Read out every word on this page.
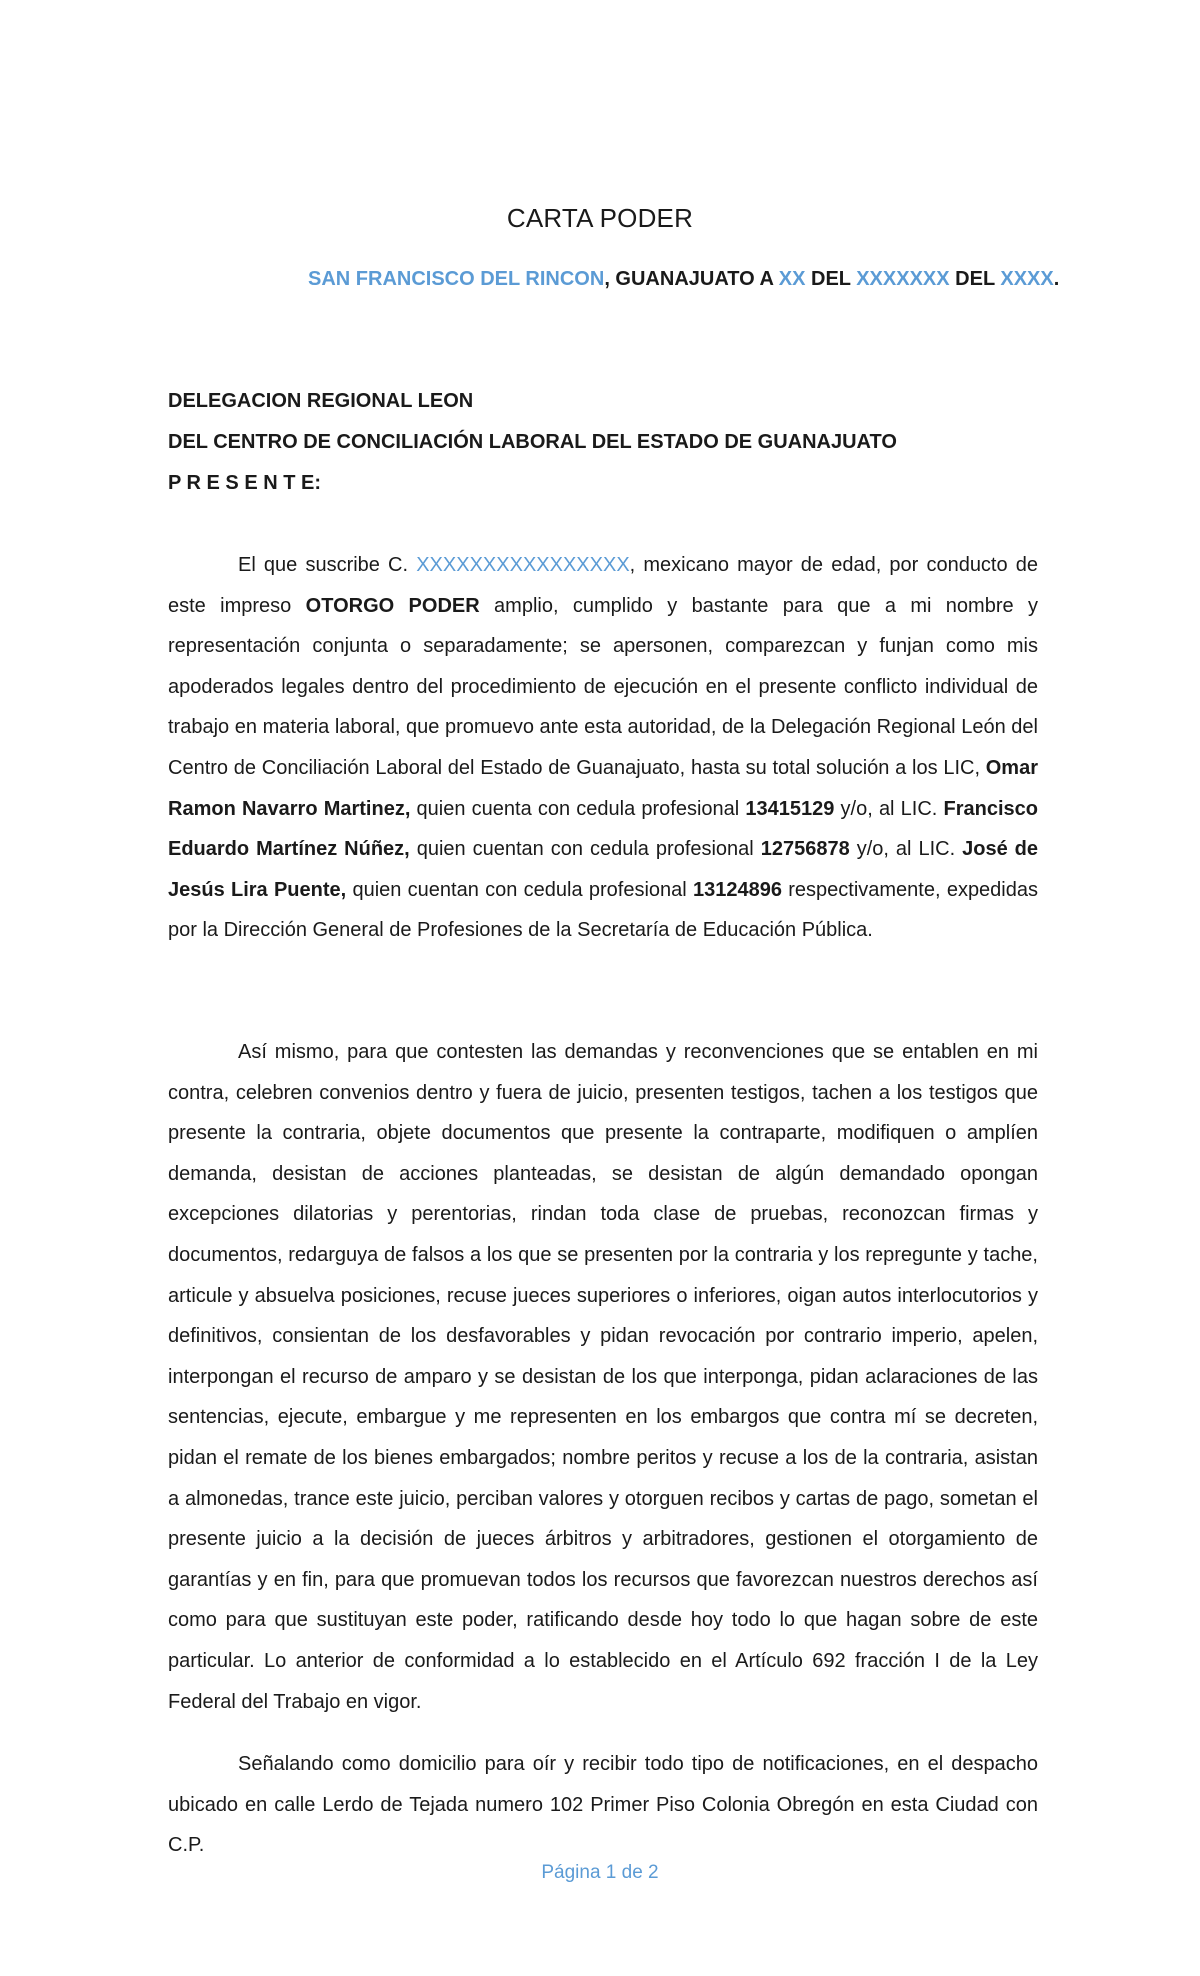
CARTA PODER
SAN FRANCISCO DEL RINCON, GUANAJUATO A XX DEL XXXXXXX DEL XXXX.
DELEGACION REGIONAL LEON
DEL CENTRO DE CONCILIACIÓN LABORAL DEL ESTADO DE GUANAJUATO
P R E S E N T E:
El que suscribe C. XXXXXXXXXXXXXXXX, mexicano mayor de edad, por conducto de este impreso OTORGO PODER amplio, cumplido y bastante para que a mi nombre y representación conjunta o separadamente; se apersonen, comparezcan y funjan como mis apoderados legales dentro del procedimiento de ejecución en el presente conflicto individual de trabajo en materia laboral, que promuevo ante esta autoridad, de la Delegación Regional León del Centro de Conciliación Laboral del Estado de Guanajuato, hasta su total solución a los LIC, Omar Ramon Navarro Martinez, quien cuenta con cedula profesional 13415129 y/o, al LIC. Francisco Eduardo Martínez Núñez, quien cuentan con cedula profesional 12756878 y/o, al LIC. José de Jesús Lira Puente, quien cuentan con cedula profesional 13124896 respectivamente, expedidas por la Dirección General de Profesiones de la Secretaría de Educación Pública.
Así mismo, para que contesten las demandas y reconvenciones que se entablen en mi contra, celebren convenios dentro y fuera de juicio, presenten testigos, tachen a los testigos que presente la contraria, objete documentos que presente la contraparte, modifiquen o amplíen demanda, desistan de acciones planteadas, se desistan de algún demandado opongan excepciones dilatorias y perentorias, rindan toda clase de pruebas, reconozcan firmas y documentos, redarguya de falsos a los que se presenten por la contraria y los repregunte y tache, articule y absuelva posiciones, recuse jueces superiores o inferiores, oigan autos interlocutorios y definitivos, consientan de los desfavorables y pidan revocación por contrario imperio, apelen, interpongan el recurso de amparo y se desistan de los que interponga, pidan aclaraciones de las sentencias, ejecute, embargue y me representen en los embargos que contra mí se decreten, pidan el remate de los bienes embargados; nombre peritos y recuse a los de la contraria, asistan a almonedas, trance este juicio, perciban valores y otorguen recibos y cartas de pago, sometan el presente juicio a la decisión de jueces árbitros y arbitradores, gestionen el otorgamiento de garantías y en fin, para que promuevan todos los recursos que favorezcan nuestros derechos así como para que sustituyan este poder, ratificando desde hoy todo lo que hagan sobre de este particular. Lo anterior de conformidad a lo establecido en el Artículo 692 fracción I de la Ley Federal del Trabajo en vigor.
Señalando como domicilio para oír y recibir todo tipo de notificaciones, en el despacho ubicado en calle Lerdo de Tejada numero 102 Primer Piso Colonia Obregón en esta Ciudad con C.P.
Página 1 de 2
